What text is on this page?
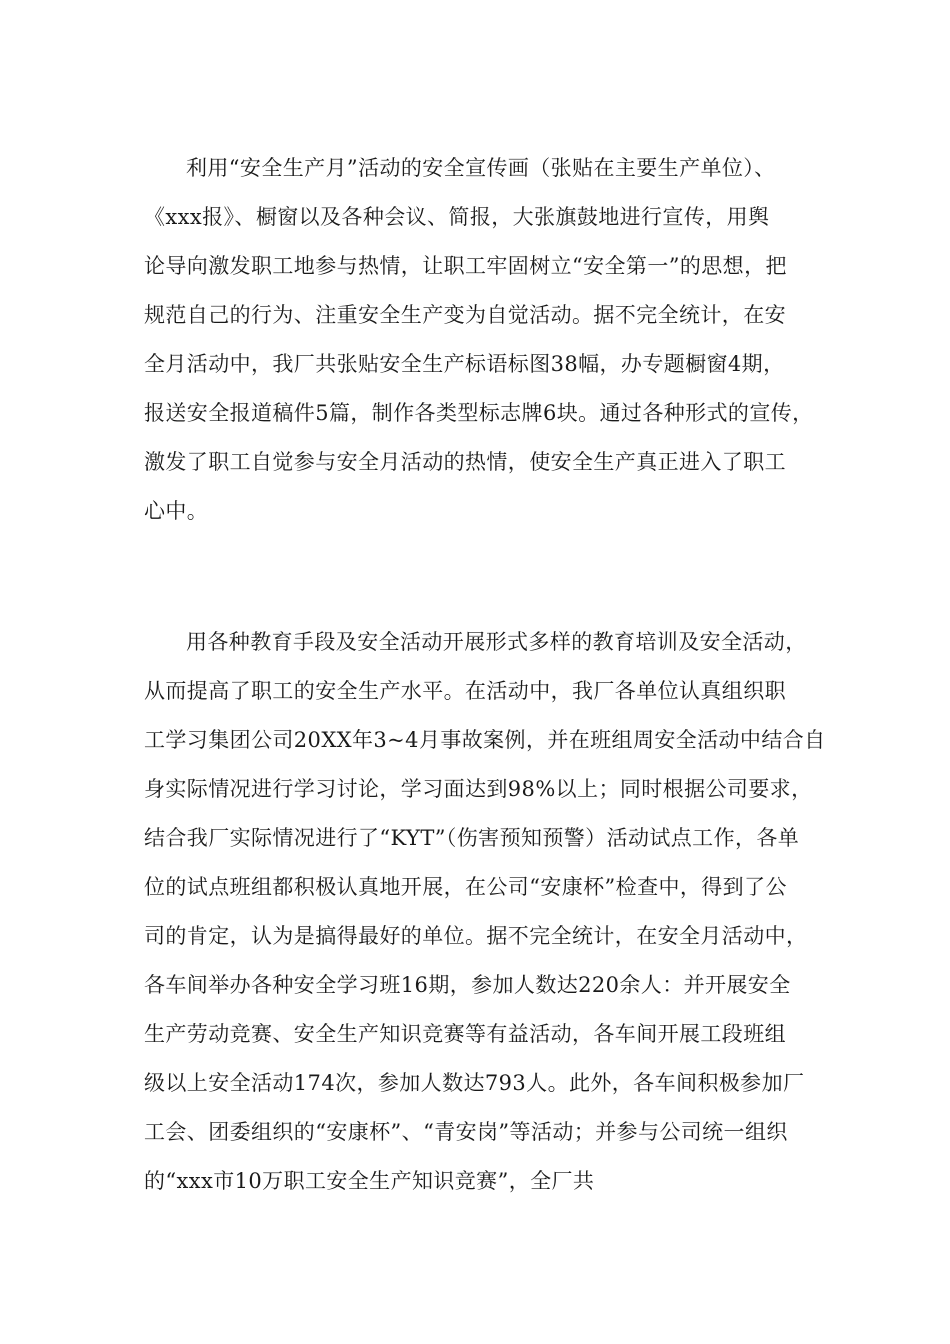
利用“安全生产月”活动的安全宣传画（张贴在主要生产单位）、
《xxx报》、橱窗以及各种会议、简报，大张旗鼓地进行宣传，用舆
论导向激发职工地参与热情，让职工牢固树立“安全第一”的思想，把
规范自己的行为、注重安全生产变为自觉活动。据不完全统计，在安
全月活动中，我厂共张贴安全生产标语标图38幅，办专题橱窗4期，
报送安全报道稿件5篇，制作各类型标志牌6块。通过各种形式的宣传，
激发了职工自觉参与安全月活动的热情，使安全生产真正进入了职工
心中。
用各种教育手段及安全活动开展形式多样的教育培训及安全活动，
从而提高了职工的安全生产水平。在活动中，我厂各单位认真组织职
工学习集团公司20XX年3~4月事故案例，并在班组周安全活动中结合自
身实际情况进行学习讨论，学习面达到98%以上；同时根据公司要求，
结合我厂实际情况进行了“KYT”（伤害预知预警）活动试点工作，各单
位的试点班组都积极认真地开展，在公司“安康杯”检查中，得到了公
司的肯定，认为是搞得最好的单位。据不完全统计，在安全月活动中，
各车间举办各种安全学习班16期，参加人数达220余人：并开展安全
生产劳动竞赛、安全生产知识竞赛等有益活动，各车间开展工段班组
级以上安全活动174次，参加人数达793人。此外，各车间积极参加厂
工会、团委组织的“安康杯”、“青安岗”等活动；并参与公司统一组织
的“xxx市10万职工安全生产知识竞赛”，全厂共
